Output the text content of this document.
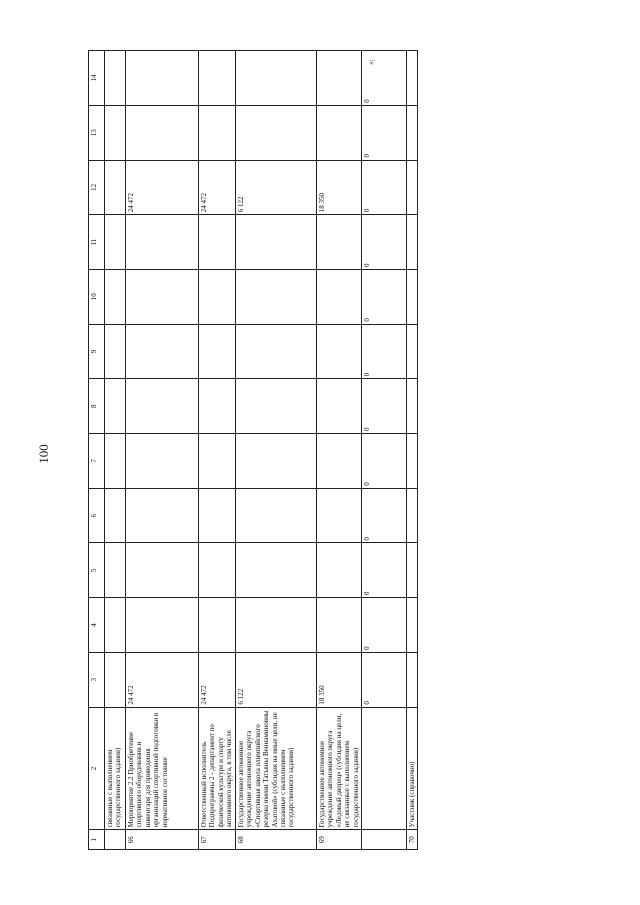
100
1	2	3	4	5	6	7	8	9	10	11	12	13	14
	связанные с выполнением государственного задания)												
66	Мероприятие 2.2 Приобретение спортивного оборудования и инвентаря для приведения организаций спортивной подготовки в нормативное состояние	24 472									24 472		
67	Ответственный исполнитель Подпрограммы 2 - департамент по физической культуре и спорту автономного округа, в том числе	24 472									24 472		
68	Государственное автономное учреждение автономного округа «Спортивная школа олимпийского резерва имени Татьяны Вениаминовны Ахатовой» (субсидия на иные цели, не связанные с выполнением государственного задания)	6 122									6 122		
69	Государственное автономное учреждение автономного округа «Ледовый дворец» (субсидия на цели, не связанные с выполнением государственного задания)	18 350									18 350		
		0	0	0	0	0	0	0	0	0	0	0	0
70	Участник (справочно)												
»;
